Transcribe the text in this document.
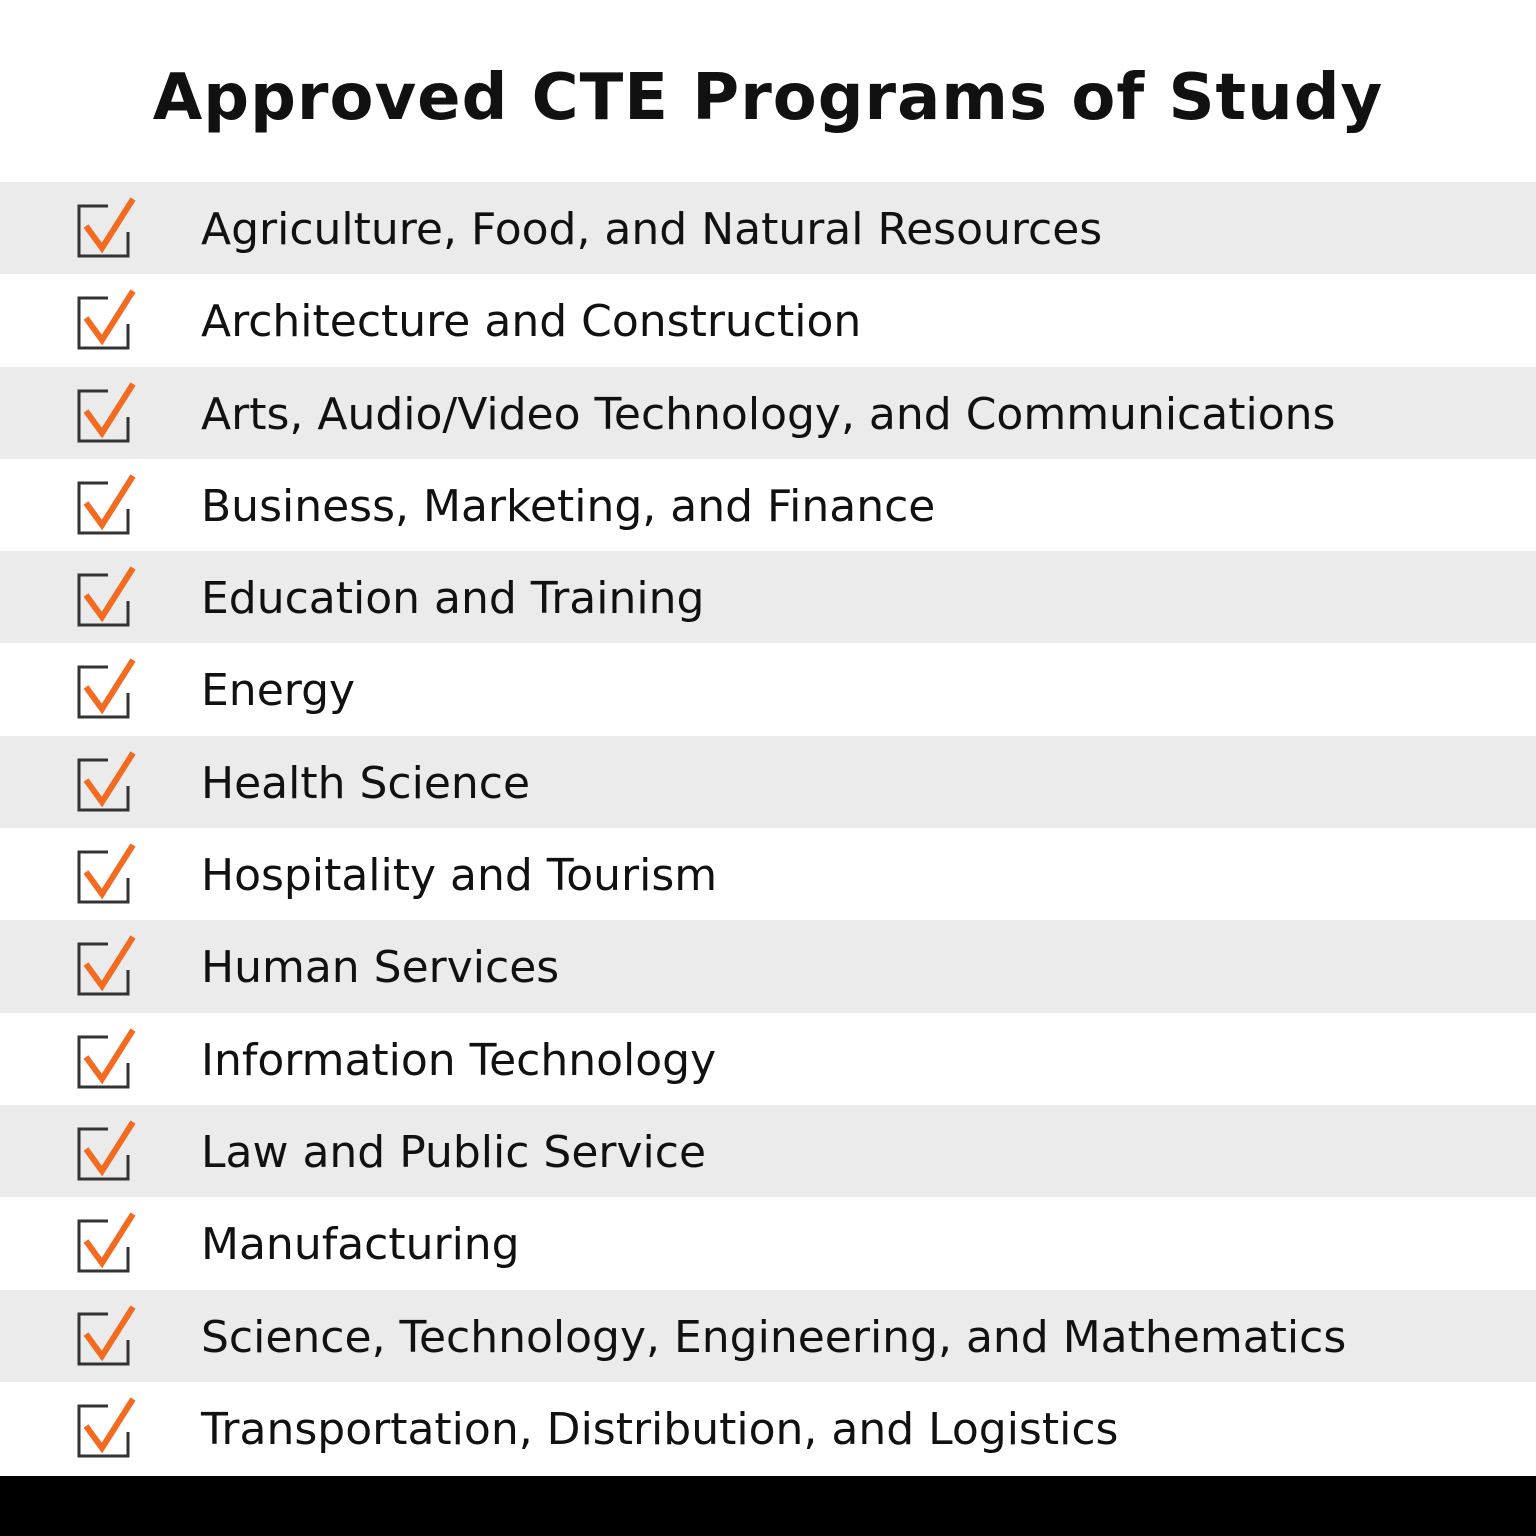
Approved CTE Programs of Study
Agriculture, Food, and Natural Resources
Architecture and Construction
Arts, Audio/Video Technology, and Communications
Business, Marketing, and Finance
Education and Training
Energy
Health Science
Hospitality and Tourism
Human Services
Information Technology
Law and Public Service
Manufacturing
Science, Technology, Engineering, and Mathematics
Transportation, Distribution, and Logistics
